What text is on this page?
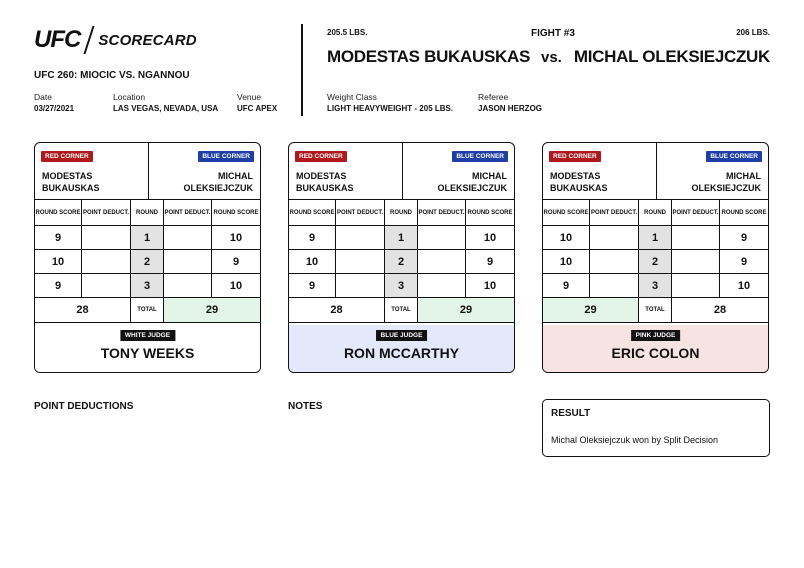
UFC SCORECARD
UFC 260: MIOCIC VS. NGANNOU
Date
03/27/2021
Location
LAS VEGAS, NEVADA, USA
Venue
UFC APEX
205.5 LBS.	FIGHT #3	206 LBS.
MODESTAS BUKAUSKAS vs. MICHAL OLEKSIEJCZUK
Weight Class
LIGHT HEAVYWEIGHT - 205 LBS.
Referee
JASON HERZOG
RED CORNER
MODESTAS
BUKAUSKAS
BLUE CORNER
MICHAL
OLEKSIEJCZUK
ROUND SCORE POINT DEDUCT.	ROUND	POINT DEDUCT. ROUND SCORE
9	1	10
10	2	9
9	3	10
28	TOTAL	29
WHITE JUDGE
TONY WEEKS
RED CORNER
MODESTAS
BUKAUSKAS
BLUE CORNER
MICHAL
OLEKSIEJCZUK
ROUND SCORE POINT DEDUCT.	ROUND	POINT DEDUCT. ROUND SCORE
9	1	10
10	2	9
9	3	10
28	TOTAL	29
BLUE JUDGE
RON MCCARTHY
RED CORNER
MODESTAS
BUKAUSKAS
BLUE CORNER
MICHAL
OLEKSIEJCZUK
ROUND SCORE POINT DEDUCT.	ROUND	POINT DEDUCT. ROUND SCORE
10	1	9
10	2	9
9	3	10
29	TOTAL	28
PINK JUDGE
ERIC COLON
POINT DEDUCTIONS	NOTES
RESULT
Michal Oleksiejczuk won by Split Decision
